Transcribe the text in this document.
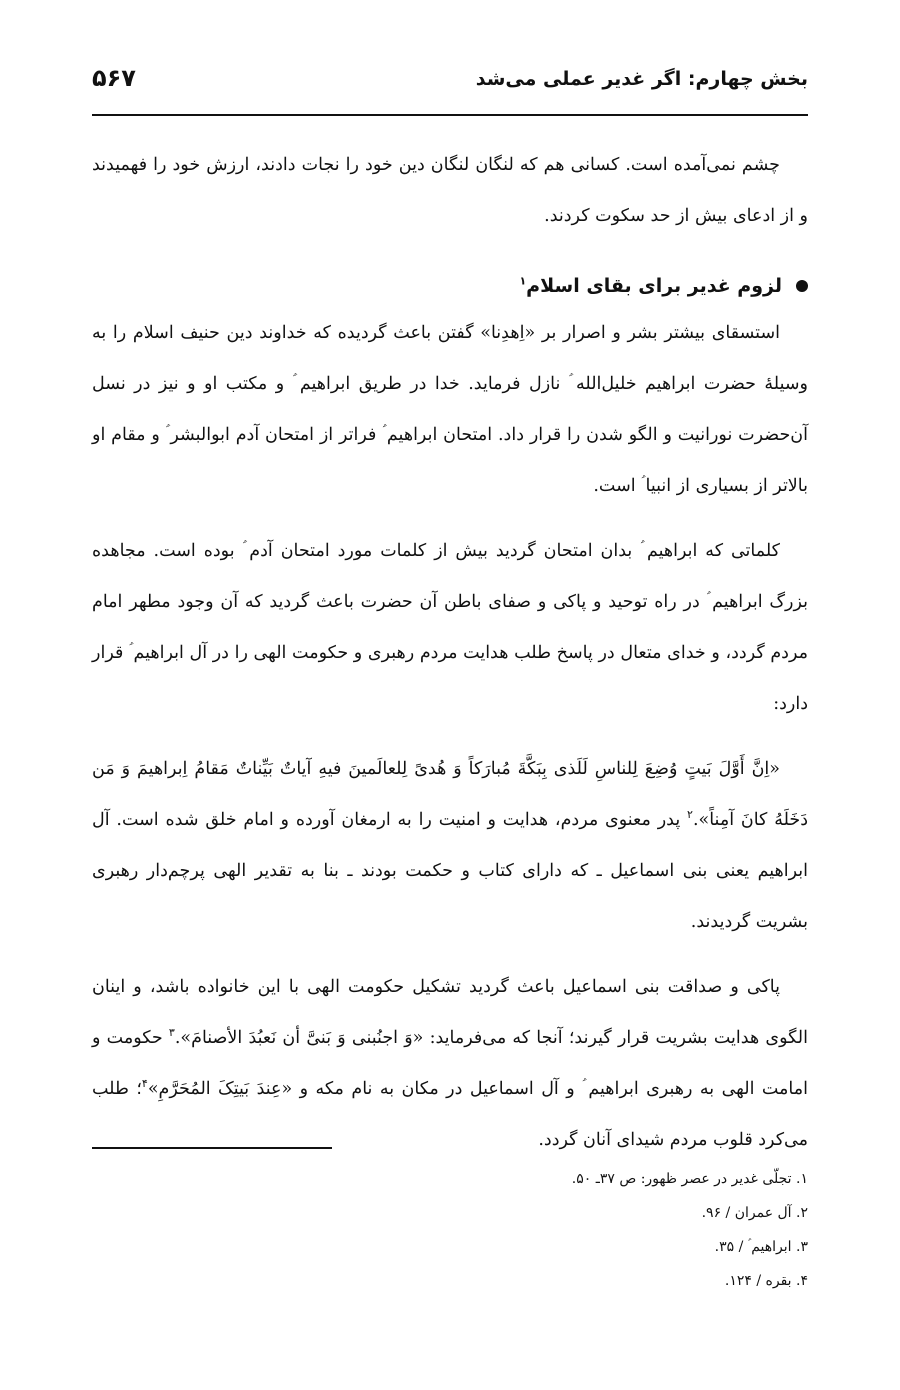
بخش چهارم: اگر غدیر عملی می‌شد
۵۶۷

چشم نمی‌آمده است. کسانی هم که لنگان لنگان دین خود را نجات دادند، ارزش خود را فهمیدند و از ادعای بیش از حد سکوت کردند.

لزوم غدیر برای بقای اسلام$^۱$

استسقای بیشتر بشر و اصرار بر «اِهدِنا» گفتن باعث گردیده که خداوند دین حنیف اسلام را به وسیلهٔ حضرت ابراهیم خلیل‌الله ؑ نازل فرماید. خدا در طریق ابراهیم ؑ و مکتب او و نیز در نسل آن‌حضرت نورانیت و الگو شدن را قرار داد. امتحان ابراهیم ؑ فراتر از امتحان آدم ابوالبشر ؑ و مقام او بالاتر از بسیاری از انبیا ؑ است.

کلماتی که ابراهیم ؑ بدان امتحان گردید بیش از کلمات مورد امتحان آدم ؑ بوده است. مجاهده بزرگ ابراهیم ؑ در راه توحید و پاکی و صفای باطن آن حضرت باعث گردید که آن وجود مطهر امام مردم گردد، و خدای متعال در پاسخ طلب هدایت مردم رهبری و حکومت الهی را در آل ابراهیم ؑ قرار دارد:

«اِنَّ أَوَّلَ بَیتٍ وُضِعَ لِلناسِ لَلَذی بِبَکَّةَ مُبارَکاً وَ هُدیً لِلعالَمینَ فیهِ آیاتٌ بَیِّناتٌ مَقامُ اِبراهیمَ وَ مَن دَخَلَهُ کانَ آمِناً».$^۲$ پدر معنوی مردم، هدایت و امنیت را به ارمغان آورده و امام خلق شده است. آل ابراهیم یعنی بنی اسماعیل ـ که دارای کتاب و حکمت بودند ـ بنا به تقدیر الهی پرچم‌دار رهبری بشریت گردیدند.

پاکی و صداقت بنی اسماعیل باعث گردید تشکیل حکومت الهی با این خانواده باشد، و اینان الگوی هدایت بشریت قرار گیرند؛ آنجا که می‌فرماید: «وَ اجنُبنی وَ بَنیَّ أن نَعبُدَ الأصنامَ».$^۳$ حکومت و امامت الهی به رهبری ابراهیم ؑ و آل اسماعیل در مکان به نام مکه و «عِندَ بَیتِکَ المُحَرَّمِ»$^۴$؛ طلب می‌کرد قلوب مردم شیدای آنان گردد.

۱. تجلّی غدیر در عصر ظهور: ص ۳۷ـ ۵۰.
۲. آل عمران / ۹۶.
۳. ابراهیم ؑ / ۳۵.
۴. بقره / ۱۲۴.
